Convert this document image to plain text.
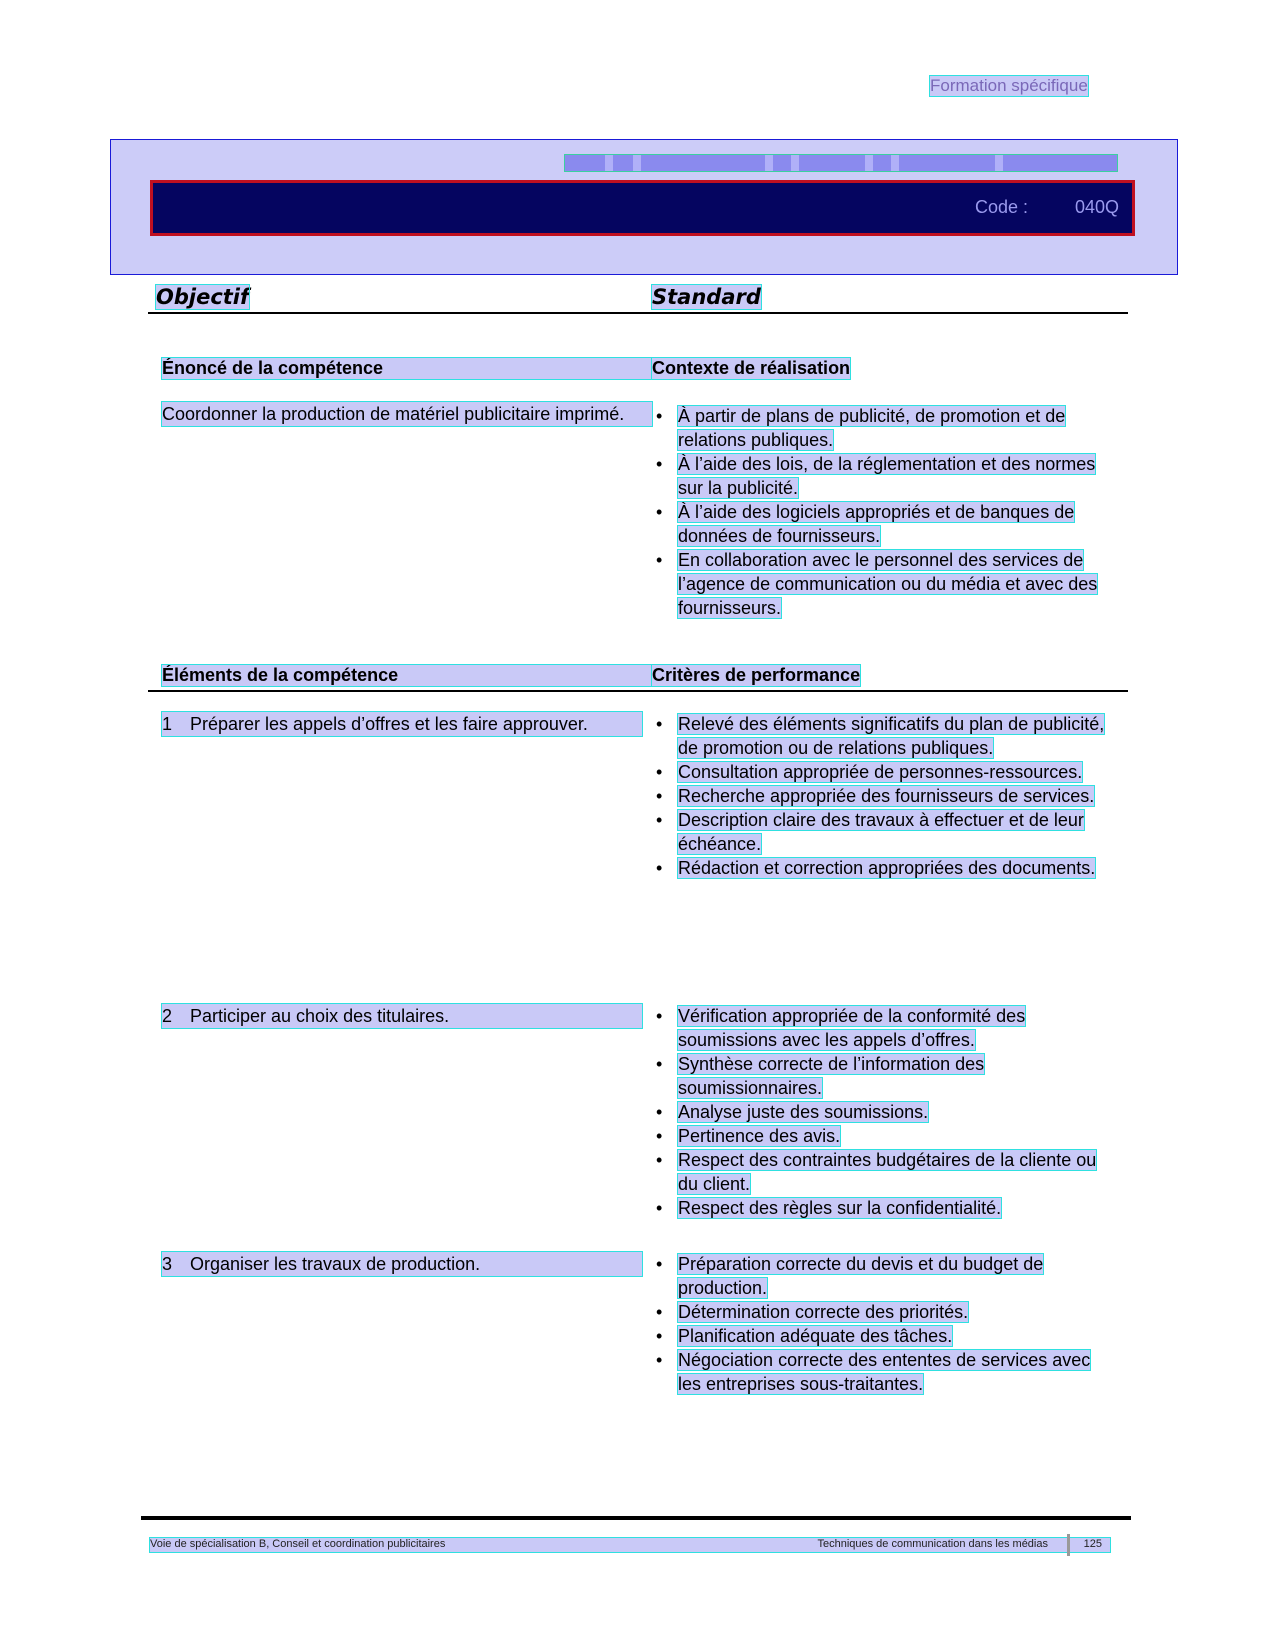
Formation spécifique
Code :	040Q
Objectif	Standard
Énoncé de la compétence	Contexte de réalisation
Coordonner la production de matériel publicitaire imprimé.	• À partir de plans de publicité, de promotion et de relations publiques.
• À l’aide des lois, de la réglementation et des normes sur la publicité.
• À l’aide des logiciels appropriés et de banques de données de fournisseurs.
• En collaboration avec le personnel des services de l’agence de communication ou du média et avec des fournisseurs.
Éléments de la compétence	Critères de performance
1 Préparer les appels d’offres et les faire approuver.	• Relevé des éléments significatifs du plan de publicité, de promotion ou de relations publiques.
• Consultation appropriée de personnes-ressources.
• Recherche appropriée des fournisseurs de services.
• Description claire des travaux à effectuer et de leur échéance.
• Rédaction et correction appropriées des documents.
2 Participer au choix des titulaires.	• Vérification appropriée de la conformité des soumissions avec les appels d’offres.
• Synthèse correcte de l’information des soumissionnaires.
• Analyse juste des soumissions.
• Pertinence des avis.
• Respect des contraintes budgétaires de la cliente ou du client.
• Respect des règles sur la confidentialité.
3 Organiser les travaux de production.	• Préparation correcte du devis et du budget de production.
• Détermination correcte des priorités.
• Planification adéquate des tâches.
• Négociation correcte des ententes de services avec les entreprises sous-traitantes.
Voie de spécialisation B, Conseil et coordination publicitaires	Techniques de communication dans les médias	125
